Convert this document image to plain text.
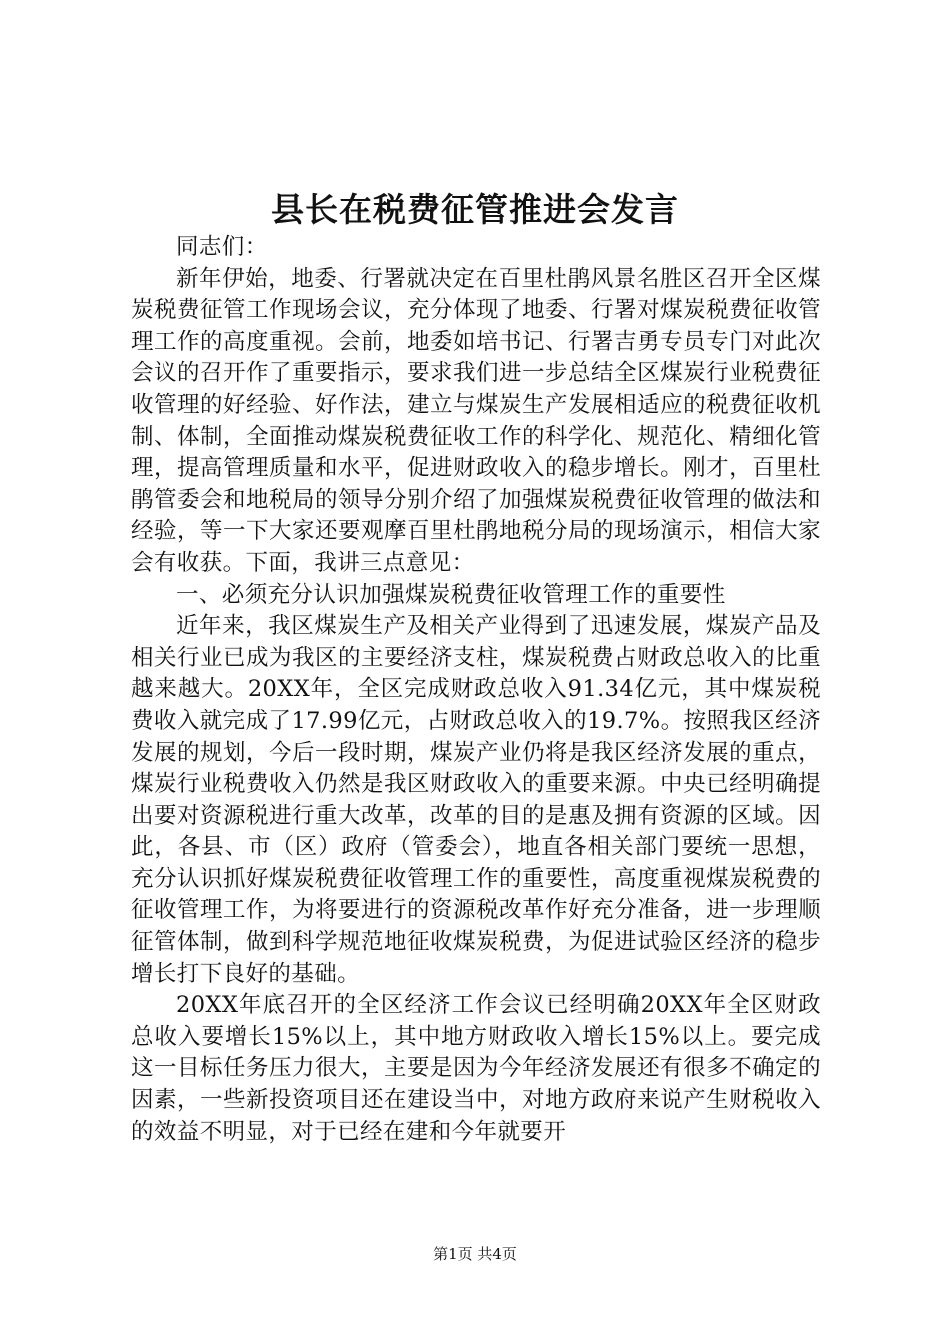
县长在税费征管推进会发言

同志们：

新年伊始，地委、行署就决定在百里杜鹃风景名胜区召开全区煤炭税费征管工作现场会议，充分体现了地委、行署对煤炭税费征收管理工作的高度重视。会前，地委如培书记、行署吉勇专员专门对此次会议的召开作了重要指示，要求我们进一步总结全区煤炭行业税费征收管理的好经验、好作法，建立与煤炭生产发展相适应的税费征收机制、体制，全面推动煤炭税费征收工作的科学化、规范化、精细化管理，提高管理质量和水平，促进财政收入的稳步增长。刚才，百里杜鹃管委会和地税局的领导分别介绍了加强煤炭税费征收管理的做法和经验，等一下大家还要观摩百里杜鹃地税分局的现场演示，相信大家会有收获。下面，我讲三点意见：

一、必须充分认识加强煤炭税费征收管理工作的重要性

近年来，我区煤炭生产及相关产业得到了迅速发展，煤炭产品及相关行业已成为我区的主要经济支柱，煤炭税费占财政总收入的比重越来越大。20XX年，全区完成财政总收入91.34亿元，其中煤炭税费收入就完成了17.99亿元，占财政总收入的19.7%。按照我区经济发展的规划，今后一段时期，煤炭产业仍将是我区经济发展的重点，煤炭行业税费收入仍然是我区财政收入的重要来源。中央已经明确提出要对资源税进行重大改革，改革的目的是惠及拥有资源的区域。因此，各县、市（区）政府（管委会），地直各相关部门要统一思想，充分认识抓好煤炭税费征收管理工作的重要性，高度重视煤炭税费的征收管理工作，为将要进行的资源税改革作好充分准备，进一步理顺征管体制，做到科学规范地征收煤炭税费，为促进试验区经济的稳步增长打下良好的基础。

20XX年底召开的全区经济工作会议已经明确20XX年全区财政总收入要增长15%以上，其中地方财政收入增长15%以上。要完成这一目标任务压力很大，主要是因为今年经济发展还有很多不确定的因素，一些新投资项目还在建设当中，对地方政府来说产生财税收入的效益不明显，对于已经在建和今年就要开

第1页 共4页
